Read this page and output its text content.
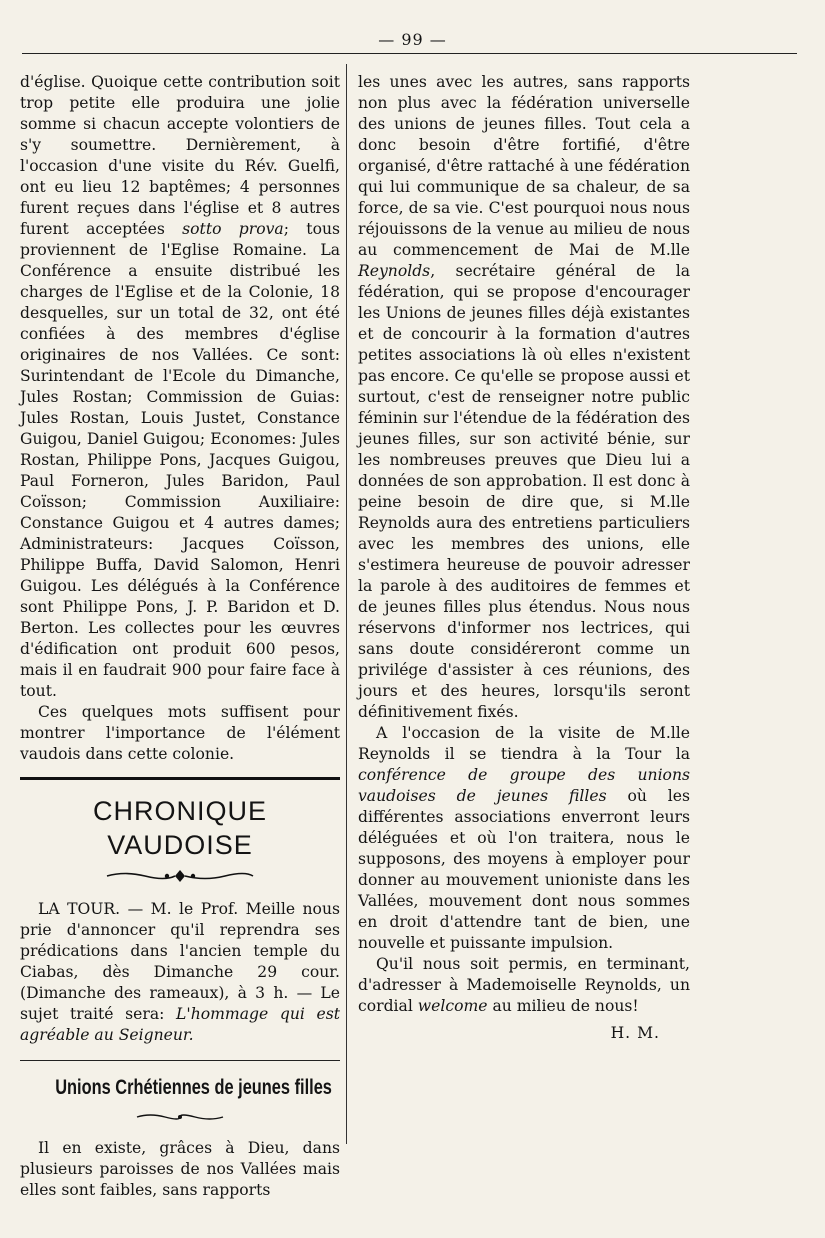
— 99 —

d'église. Quoique cette contribution soit trop petite elle produira une jolie somme si chacun accepte volontiers de s'y soumettre. Dernièrement, à l'occasion d'une visite du Rév. Guelfi, ont eu lieu 12 baptêmes; 4 personnes furent reçues dans l'église et 8 autres furent acceptées sotto prova; tous proviennent de l'Eglise Romaine. La Conférence a ensuite distribué les charges de l'Eglise et de la Colonie, 18 desquelles, sur un total de 32, ont été confiées à des membres d'église originaires de nos Vallées. Ce sont: Surintendant de l'Ecole du Dimanche, Jules Rostan; Commission de Guias: Jules Rostan, Louis Justet, Constance Guigou, Daniel Guigou; Economes: Jules Rostan, Philippe Pons, Jacques Guigou, Paul Forneron, Jules Baridon, Paul Coïsson; Commission Auxiliaire: Constance Guigou et 4 autres dames; Administrateurs: Jacques Coïsson, Philippe Buffa, David Salomon, Henri Guigou. Les délégués à la Conférence sont Philippe Pons, J. P. Baridon et D. Berton. Les collectes pour les œuvres d'édification ont produit 600 pesos, mais il en faudrait 900 pour faire face à tout.

Ces quelques mots suffisent pour montrer l'importance de l'élément vaudois dans cette colonie.

CHRONIQUE VAUDOISE

LA TOUR. — M. le Prof. Meille nous prie d'annoncer qu'il reprendra ses prédications dans l'ancien temple du Ciabas, dès Dimanche 29 cour. (Dimanche des rameaux), à 3 h. — Le sujet traité sera: L'hommage qui est agréable au Seigneur.

Unions Crhétiennes de jeunes filles

Il en existe, grâces à Dieu, dans plusieurs paroisses de nos Vallées mais elles sont faibles, sans rapports

les unes avec les autres, sans rapports non plus avec la fédération universelle des unions de jeunes filles. Tout cela a donc besoin d'être fortifié, d'être organisé, d'être rattaché à une fédération qui lui communique de sa chaleur, de sa force, de sa vie. C'est pourquoi nous nous réjouissons de la venue au milieu de nous au commencement de Mai de M.lle Reynolds, secrétaire général de la fédération, qui se propose d'encourager les Unions de jeunes filles déjà existantes et de concourir à la formation d'autres petites associations là où elles n'existent pas encore. Ce qu'elle se propose aussi et surtout, c'est de renseigner notre public féminin sur l'étendue de la fédération des jeunes filles, sur son activité bénie, sur les nombreuses preuves que Dieu lui a données de son approbation. Il est donc à peine besoin de dire que, si M.lle Reynolds aura des entretiens particuliers avec les membres des unions, elle s'estimera heureuse de pouvoir adresser la parole à des auditoires de femmes et de jeunes filles plus étendus. Nous nous réservons d'informer nos lectrices, qui sans doute considéreront comme un privilége d'assister à ces réunions, des jours et des heures, lorsqu'ils seront définitivement fixés.

A l'occasion de la visite de M.lle Reynolds il se tiendra à la Tour la conférence de groupe des unions vaudoises de jeunes filles où les différentes associations enverront leurs déléguées et où l'on traitera, nous le supposons, des moyens à employer pour donner au mouvement unioniste dans les Vallées, mouvement dont nous sommes en droit d'attendre tant de bien, une nouvelle et puissante impulsion.

Qu'il nous soit permis, en terminant, d'adresser à Mademoiselle Reynolds, un cordial welcome au milieu de nous!

H. M.
